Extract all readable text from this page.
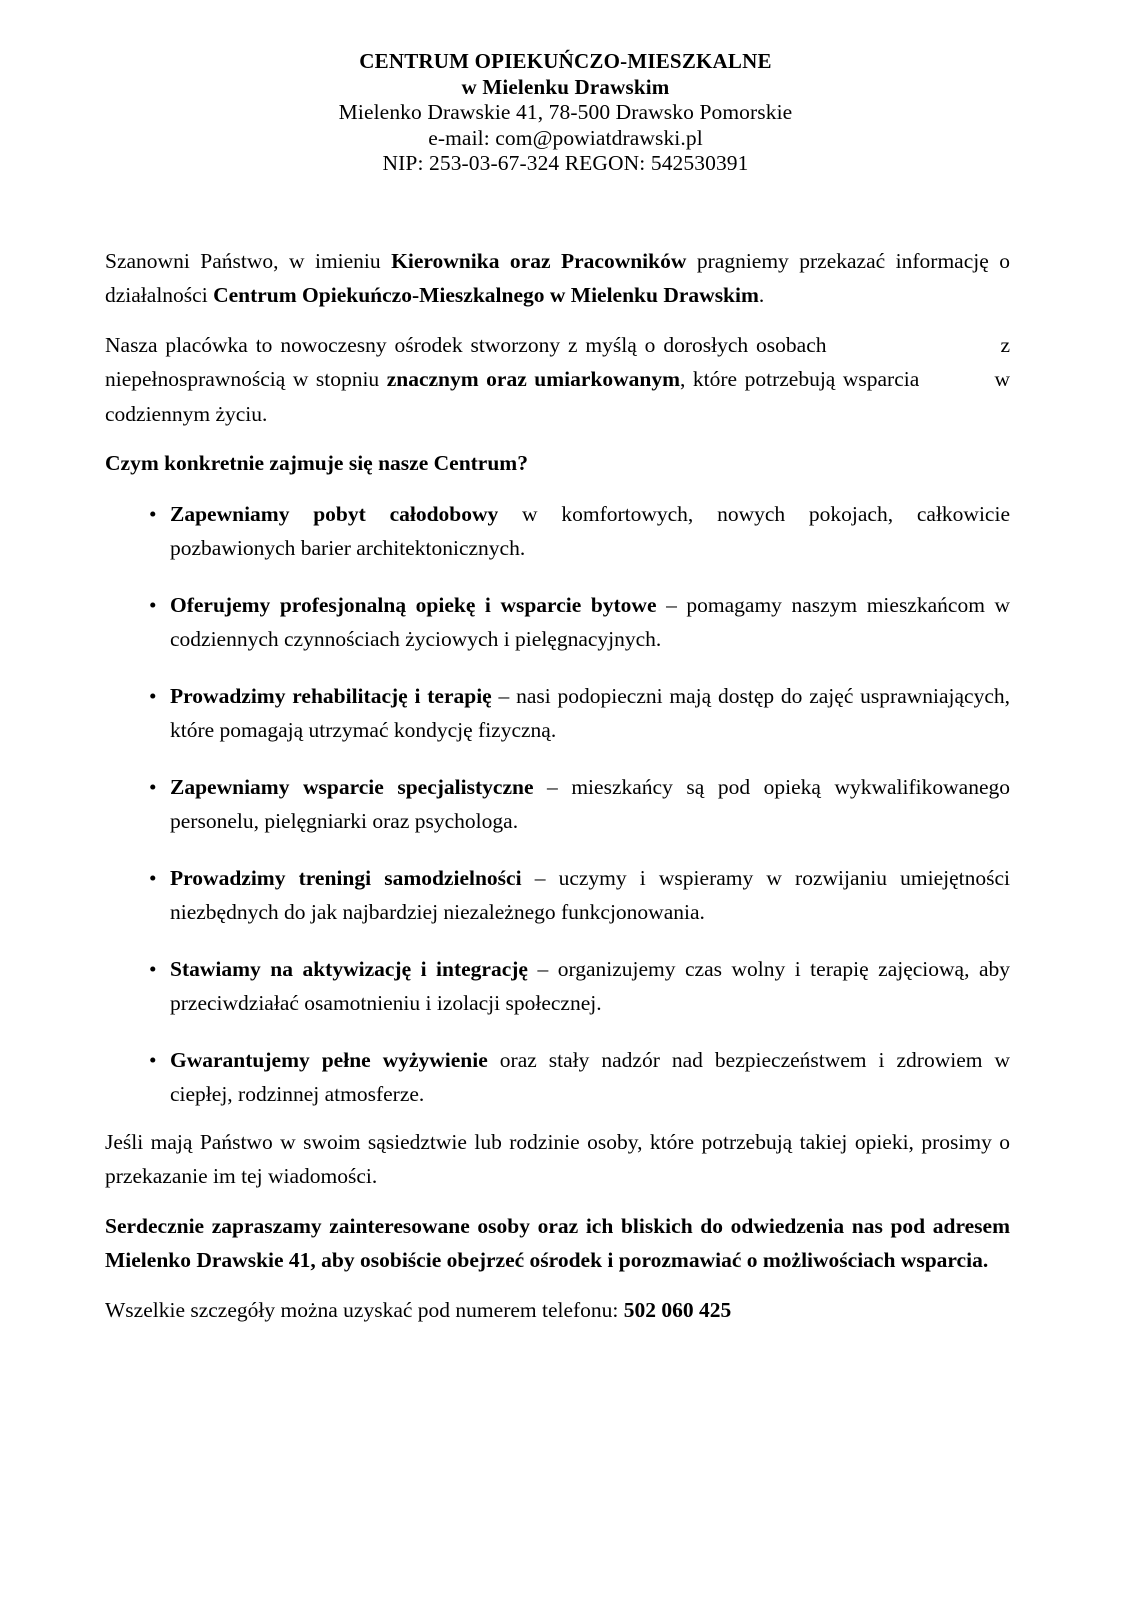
CENTRUM OPIEKUŃCZO-MIESZKALNE
w Mielenku Drawskim
Mielenko Drawskie 41, 78-500 Drawsko Pomorskie
e-mail: com@powiatdrawski.pl
NIP: 253-03-67-324 REGON: 542530391

Szanowni Państwo, w imieniu Kierownika oraz Pracowników pragniemy przekazać informację o działalności Centrum Opiekuńczo-Mieszkalnego w Mielenku Drawskim.

Nasza placówka to nowoczesny ośrodek stworzony z myślą o dorosłych osobach	z niepełnosprawnością w stopniu znacznym oraz umiarkowanym, które potrzebują wsparcia	w codziennym życiu.

Czym konkretnie zajmuje się nasze Centrum?
• Zapewniamy pobyt całodobowy w komfortowych, nowych pokojach, całkowicie pozbawionych barier architektonicznych.
• Oferujemy profesjonalną opiekę i wsparcie bytowe – pomagamy naszym mieszkańcom w codziennych czynnościach życiowych i pielęgnacyjnych.
• Prowadzimy rehabilitację i terapię – nasi podopieczni mają dostęp do zajęć usprawniających, które pomagają utrzymać kondycję fizyczną.
• Zapewniamy wsparcie specjalistyczne – mieszkańcy są pod opieką wykwalifikowanego personelu, pielęgniarki oraz psychologa.
• Prowadzimy treningi samodzielności – uczymy i wspieramy w rozwijaniu umiejętności niezbędnych do jak najbardziej niezależnego funkcjonowania.
• Stawiamy na aktywizację i integrację – organizujemy czas wolny i terapię zajęciową, aby przeciwdziałać osamotnieniu i izolacji społecznej.
• Gwarantujemy pełne wyżywienie oraz stały nadzór nad bezpieczeństwem i zdrowiem w ciepłej, rodzinnej atmosferze.

Jeśli mają Państwo w swoim sąsiedztwie lub rodzinie osoby, które potrzebują takiej opieki, prosimy o przekazanie im tej wiadomości.

Serdecznie zapraszamy zainteresowane osoby oraz ich bliskich do odwiedzenia nas pod adresem Mielenko Drawskie 41, aby osobiście obejrzeć ośrodek i porozmawiać o możliwościach wsparcia.

Wszelkie szczegóły można uzyskać pod numerem telefonu: 502 060 425
